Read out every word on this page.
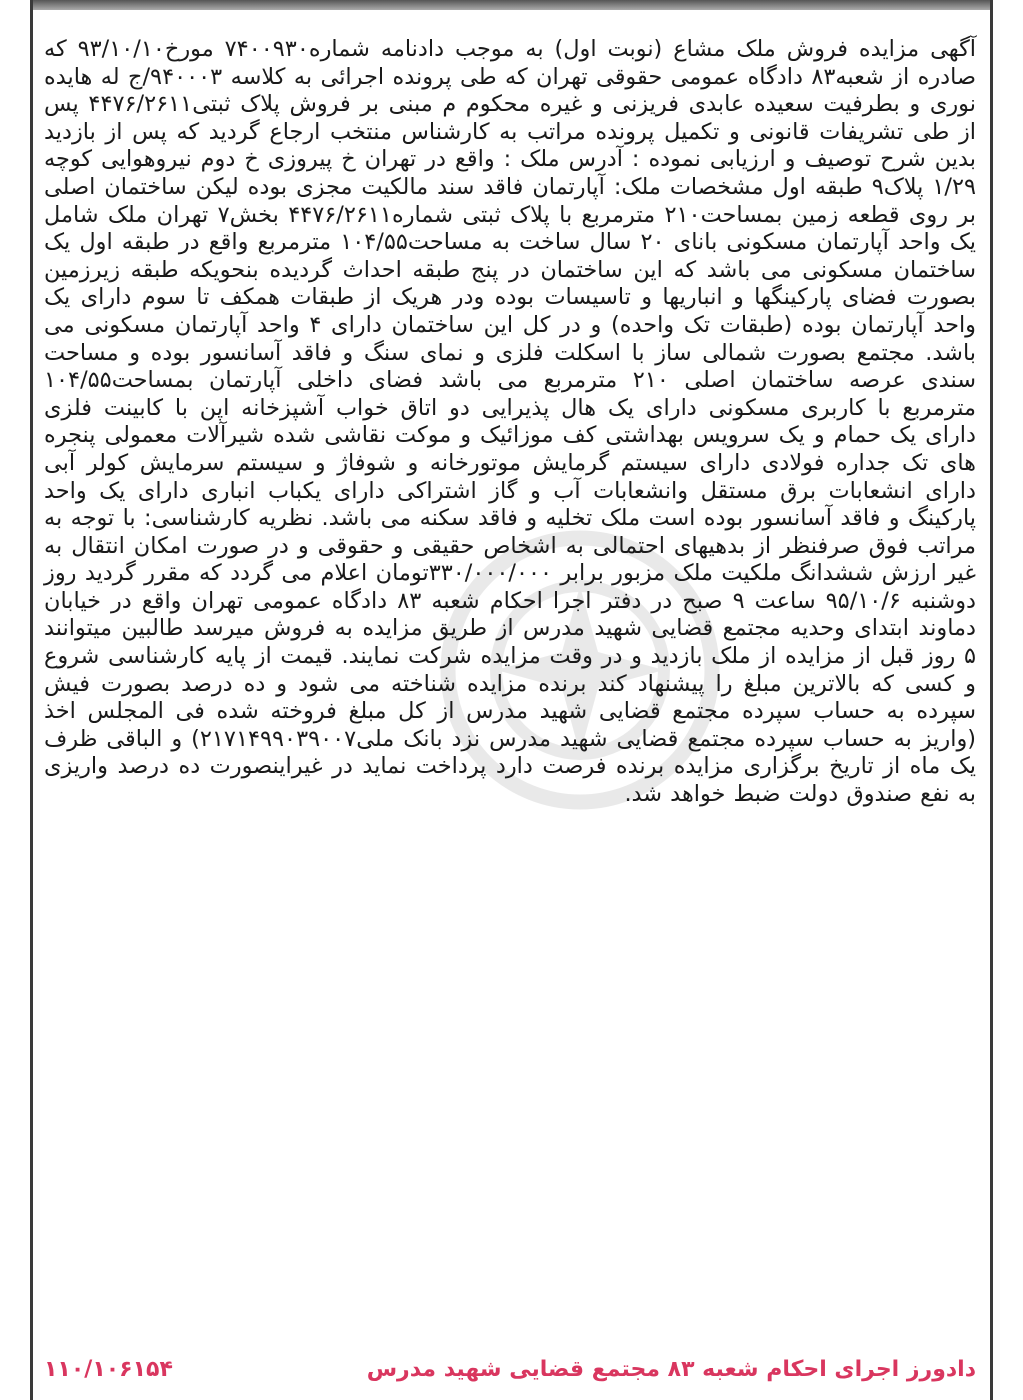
آگهی مزایده فروش ملک مشاع (نوبت اول) به موجب دادنامه شماره۷۴۰۰۹۳۰ مورخ۹۳/۱۰/۱۰ که صادره از شعبه۸۳ دادگاه عمومی حقوقی تهران که طی پرونده اجرائی به کلاسه ۹۴۰۰۰۳/ج له هایده نوری و بطرفیت سعیده عابدی فریزنی و غیره محکوم م مبنی بر فروش پلاک ثبتی۴۴۷۶/۲۶۱۱ پس از طی تشریفات قانونی و تکمیل پرونده مراتب به کارشناس منتخب ارجاع گردید که پس از بازدید بدین شرح توصیف و ارزیابی نموده : آدرس ملک : واقع در تهران خ پیروزی خ دوم نیروهوایی کوچه ۱/۲۹ پلاک۹ طبقه اول مشخصات ملک: آپارتمان فاقد سند مالکیت مجزی بوده لیکن ساختمان اصلی بر روی قطعه زمین بمساحت۲۱۰ مترمربع با پلاک ثبتی شماره۴۴۷۶/۲۶۱۱ بخش۷ تهران ملک شامل یک واحد آپارتمان مسکونی بانای ۲۰ سال ساخت به مساحت۱۰۴/۵۵ مترمربع واقع در طبقه اول یک ساختمان مسکونی می باشد که این ساختمان در پنج طبقه احداث گردیده بنحویکه طبقه زیرزمین بصورت فضای پارکینگها و انباریها و تاسیسات بوده ودر هریک از طبقات همکف تا سوم دارای یک واحد آپارتمان بوده (طبقات تک واحده) و در کل این ساختمان دارای ۴ واحد آپارتمان مسکونی می باشد. مجتمع بصورت شمالی ساز با اسکلت فلزی و نمای سنگ و فاقد آسانسور بوده و مساحت سندی عرصه ساختمان اصلی ۲۱۰ مترمربع می باشد فضای داخلی آپارتمان بمساحت۱۰۴/۵۵ مترمربع با کاربری مسکونی دارای یک هال پذیرایی دو اتاق خواب آشپزخانه اپن با کابینت فلزی دارای یک حمام و یک سرویس بهداشتی کف موزائیک و موکت نقاشی شده شیرآلات معمولی پنجره های تک جداره فولادی دارای سیستم گرمایش موتورخانه و شوفاژ و سیستم سرمایش کولر آبی دارای انشعابات برق مستقل وانشعابات آب و گاز اشتراکی دارای یکباب انباری دارای یک واحد پارکینگ و فاقد آسانسور بوده است ملک تخلیه و فاقد سکنه می باشد. نظریه کارشناسی: با توجه به مراتب فوق صرفنظر از بدهیهای احتمالی به اشخاص حقیقی و حقوقی و در صورت امکان انتقال به غیر ارزش ششدانگ ملکیت ملک مزبور برابر ۳۳۰/۰۰۰/۰۰۰تومان اعلام می گردد که مقرر گردید روز دوشنبه ۹۵/۱۰/۶ ساعت ۹ صبح در دفتر اجرا احکام شعبه ۸۳ دادگاه عمومی تهران واقع در خیابان دماوند ابتدای وحدیه مجتمع قضایی شهید مدرس از طریق مزایده به فروش میرسد طالبین میتوانند ۵ روز قبل از مزایده از ملک بازدید و در وقت مزایده شرکت نمایند. قیمت از پایه کارشناسی شروع و کسی که بالاترین مبلغ را پیشنهاد کند برنده مزایده شناخته می شود و ده درصد بصورت فیش سپرده به حساب سپرده مجتمع قضایی شهید مدرس از کل مبلغ فروخته شده فی المجلس اخذ (واریز به حساب سپرده مجتمع قضایی شهید مدرس نزد بانک ملی۲۱۷۱۴۹۹۰۳۹۰۰۷) و الباقی ظرف یک ماه از تاریخ برگزاری مزایده برنده فرصت دارد پرداخت نماید در غیراینصورت ده درصد واریزی به نفع صندوق دولت ضبط خواهد شد.

دادورز اجرای احکام شعبه ۸۳ مجتمع قضایی شهید مدرس
۱۱۰/۱۰۶۱۵۴
